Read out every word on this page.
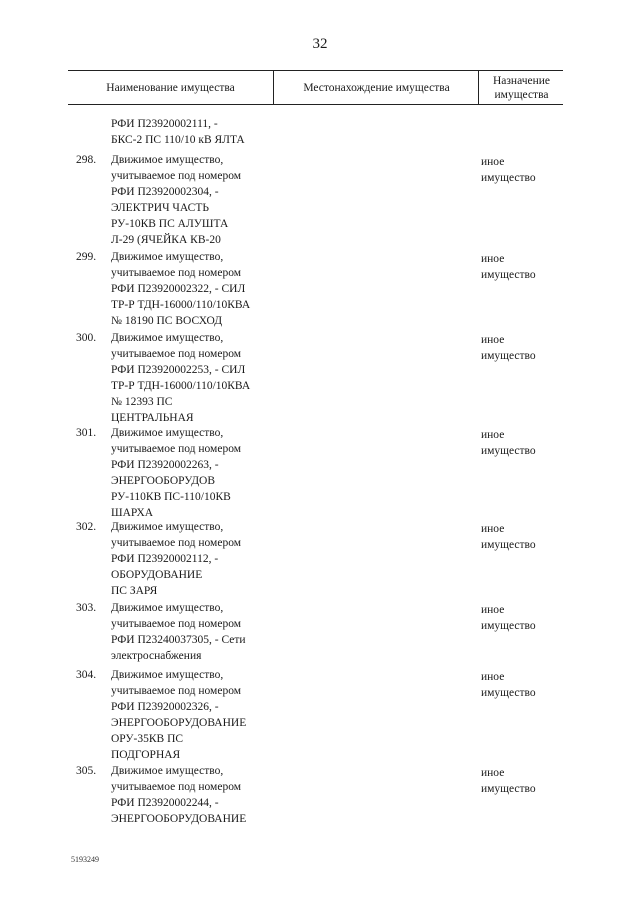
32
Наименование имущества	Местонахождение имущества
Назначение
имущества
РФИ П23920002111, -
БКС-2 ПС 110/10 кВ ЯЛТА
298. Движимое имущество,
учитываемое под номером
РФИ П23920002304, -
ЭЛЕКТРИЧ ЧАСТЬ
РУ-10КВ ПС АЛУШТА
Л-29 (ЯЧЕЙКА КВ-20
иное
имущество
299. Движимое имущество,
учитываемое под номером
РФИ П23920002322, - СИЛ
ТР-Р ТДН-16000/110/10КВА
№ 18190 ПС ВОСХОД
иное
имущество
300. Движимое имущество,
учитываемое под номером
РФИ П23920002253, - СИЛ
ТР-Р ТДН-16000/110/10КВА
№ 12393 ПС
ЦЕНТРАЛЬНАЯ
иное
имущество
301. Движимое имущество,
учитываемое под номером
РФИ П23920002263, -
ЭНЕРГООБОРУДОВ
РУ-110КВ ПС-110/10КВ
ШАРХА
иное
имущество
302. Движимое имущество,
учитываемое под номером
РФИ П23920002112, -
ОБОРУДОВАНИЕ
ПС ЗАРЯ
иное
имущество
303. Движимое имущество,
учитываемое под номером
РФИ П23240037305, - Сети
электроснабжения
иное
имущество
304. Движимое имущество,
учитываемое под номером
РФИ П23920002326, -
ЭНЕРГООБОРУДОВАНИЕ
ОРУ-35КВ ПС
ПОДГОРНАЯ
иное
имущество
305. Движимое имущество,
учитываемое под номером
РФИ П23920002244, -
ЭНЕРГООБОРУДОВАНИЕ
иное
имущество
5193249
